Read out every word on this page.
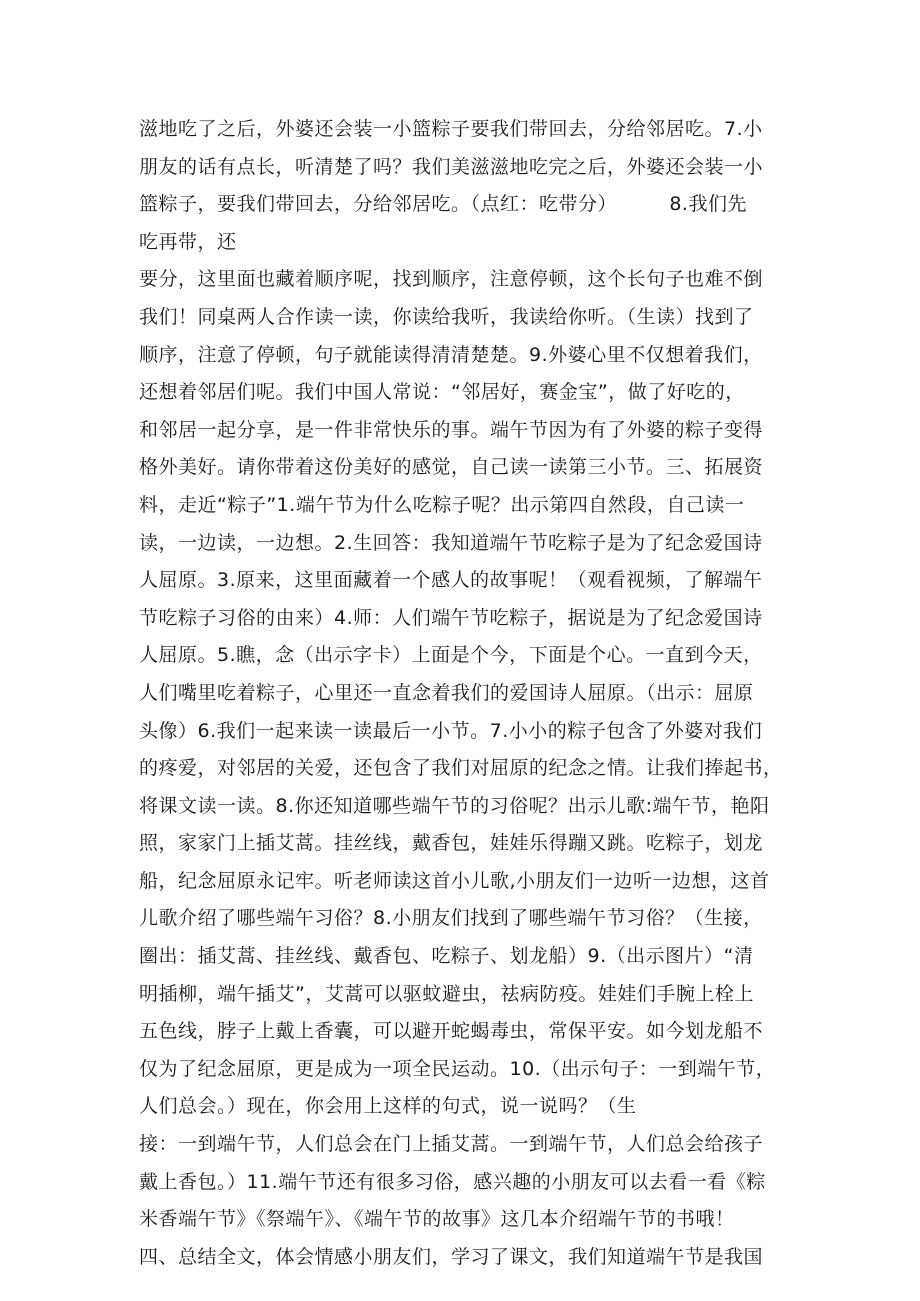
滋地吃了之后，外婆还会装一小篮粽子要我们带回去，分给邻居吃。7.小
朋友的话有点长，听清楚了吗？我们美滋滋地吃完之后，外婆还会装一小
篮粽子，要我们带回去，分给邻居吃。（点红：吃带分）        8.我们先
吃再带，还
要分，这里面也藏着顺序呢，找到顺序，注意停顿，这个长句子也难不倒
我们！同桌两人合作读一读，你读给我听，我读给你听。（生读）找到了
顺序，注意了停顿，句子就能读得清清楚楚。9.外婆心里不仅想着我们，
还想着邻居们呢。我们中国人常说：“邻居好，赛金宝”，做了好吃的，
和邻居一起分享，是一件非常快乐的事。端午节因为有了外婆的粽子变得
格外美好。请你带着这份美好的感觉，自己读一读第三小节。三、拓展资
料，走近“粽子”1.端午节为什么吃粽子呢？出示第四自然段，自己读一
读，一边读，一边想。2.生回答：我知道端午节吃粽子是为了纪念爱国诗
人屈原。3.原来，这里面藏着一个感人的故事呢！（观看视频，了解端午
节吃粽子习俗的由来）4.师：人们端午节吃粽子，据说是为了纪念爱国诗
人屈原。5.瞧，念（出示字卡）上面是个今，下面是个心。一直到今天，
人们嘴里吃着粽子，心里还一直念着我们的爱国诗人屈原。（出示：屈原
头像）6.我们一起来读一读最后一小节。7.小小的粽子包含了外婆对我们
的疼爱，对邻居的关爱，还包含了我们对屈原的纪念之情。让我们捧起书，
将课文读一读。8.你还知道哪些端午节的习俗呢？出示儿歌:端午节，艳阳
照，家家门上插艾蒿。挂丝线，戴香包，娃娃乐得蹦又跳。吃粽子，划龙
船，纪念屈原永记牢。听老师读这首小儿歌,小朋友们一边听一边想，这首
儿歌介绍了哪些端午习俗？8.小朋友们找到了哪些端午节习俗？（生接，
圈出：插艾蒿、挂丝线、戴香包、吃粽子、划龙船）9.（出示图片）“清
明插柳，端午插艾”，艾蒿可以驱蚊避虫，祛病防疫。娃娃们手腕上栓上
五色线，脖子上戴上香囊，可以避开蛇蝎毒虫，常保平安。如今划龙船不
仅为了纪念屈原，更是成为一项全民运动。10.（出示句子：一到端午节，
人们总会。）现在，你会用上这样的句式，说一说吗？（生
接：一到端午节，人们总会在门上插艾蒿。一到端午节，人们总会给孩子
戴上香包。）11.端午节还有很多习俗，感兴趣的小朋友可以去看一看《粽
米香端午节》《祭端午》、《端午节的故事》这几本介绍端午节的书哦！
四、总结全文，体会情感小朋友们，学习了课文，我们知道端午节是我国
